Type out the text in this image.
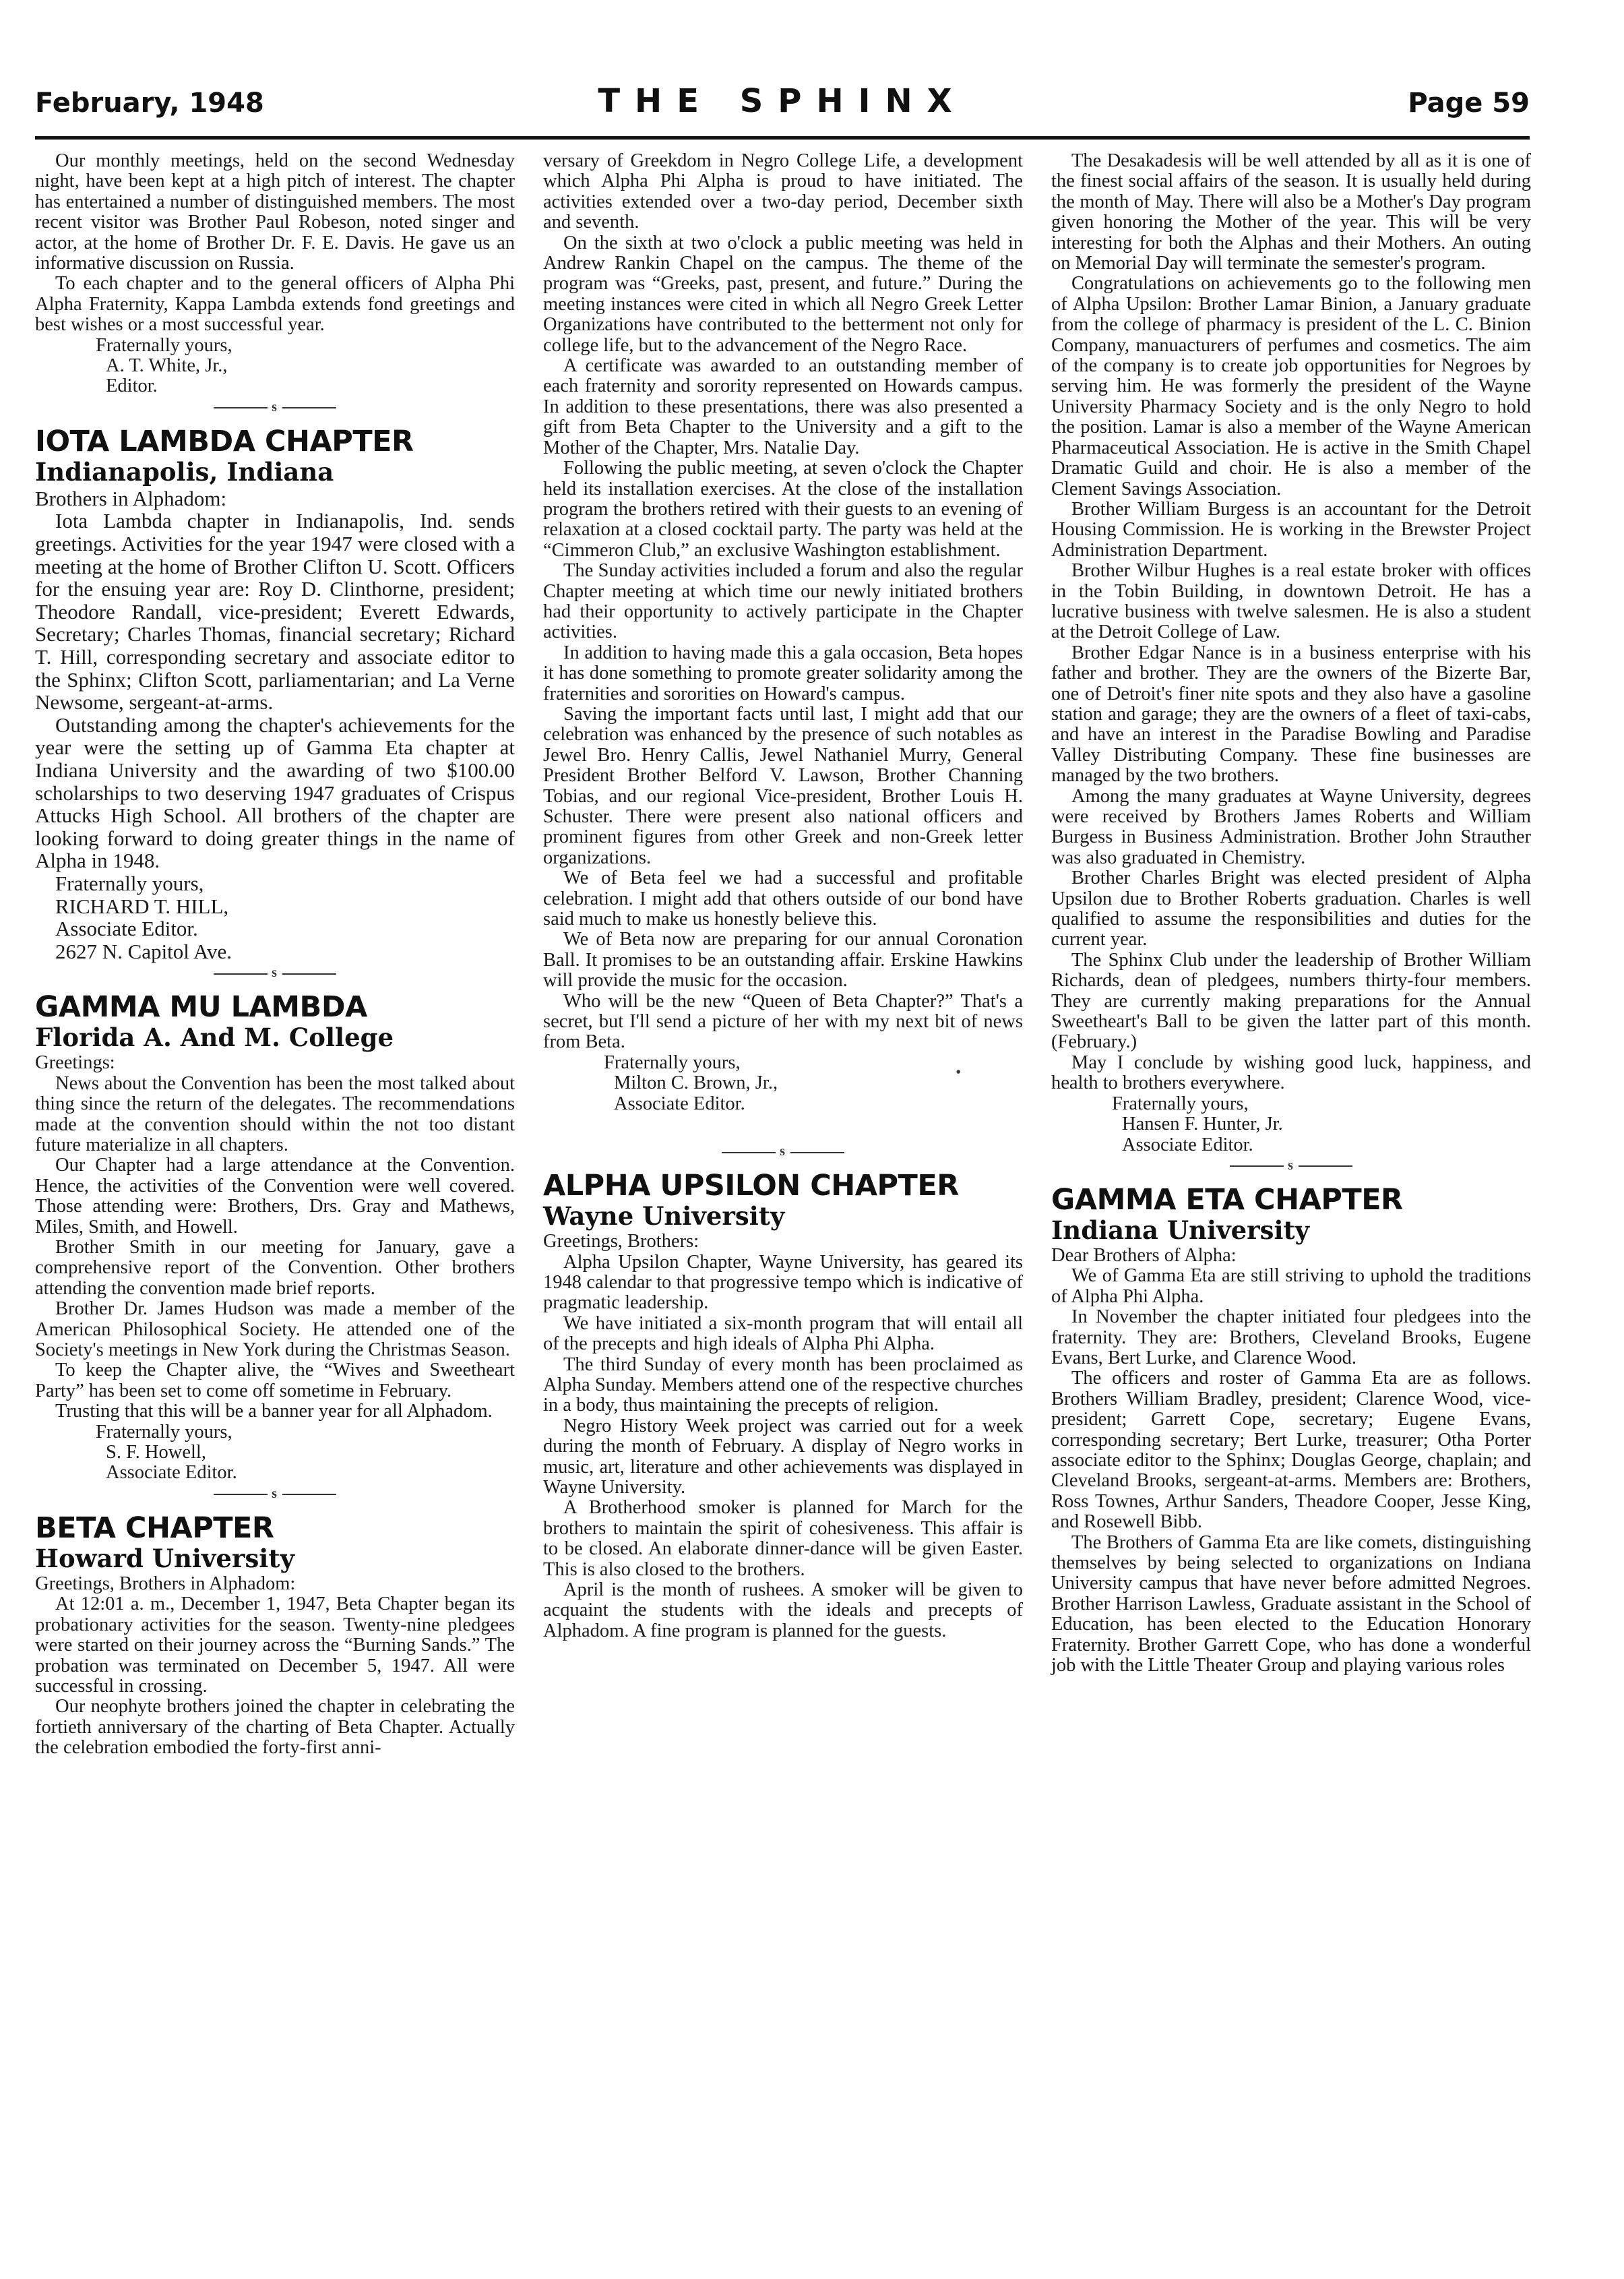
February, 1948	THE SPHINX	Page 59
•

Our monthly meetings, held on the second Wednesday night, have been kept at a high pitch of interest. The chapter has entertained a number of distinguished members. The most recent visitor was Brother Paul Robeson, noted singer and actor, at the home of Brother Dr. F. E. Davis. He gave us an informative discussion on Russia.

To each chapter and to the general officers of Alpha Phi Alpha Fraternity, Kappa Lambda extends fond greetings and best wishes or a most successful year.

Fraternally yours,
A. T. White, Jr.,
Editor.
s
IOTA LAMBDA CHAPTER
Indianapolis, Indiana

Brothers in Alphadom:

Iota Lambda chapter in Indianapolis, Ind. sends greetings. Activities for the year 1947 were closed with a meeting at the home of Brother Clifton U. Scott. Officers for the ensuing year are: Roy D. Clinthorne, president; Theodore Randall, vice-president; Everett Edwards, Secretary; Charles Thomas, financial secretary; Richard T. Hill, corresponding secretary and associate editor to the Sphinx; Clifton Scott, parliamentarian; and La Verne Newsome, sergeant-at-arms.

Outstanding among the chapter's achievements for the year were the setting up of Gamma Eta chapter at Indiana University and the awarding of two $100.00 scholarships to two deserving 1947 graduates of Crispus Attucks High School. All brothers of the chapter are looking forward to doing greater things in the name of Alpha in 1948.

Fraternally yours,

RICHARD T. HILL,

Associate Editor.

2627 N. Capitol Ave.

s
GAMMA MU LAMBDA
Florida A. And M. College

Greetings:

News about the Convention has been the most talked about thing since the return of the delegates. The recommendations made at the convention should within the not too distant future materialize in all chapters.

Our Chapter had a large attendance at the Convention. Hence, the activities of the Convention were well covered. Those attending were: Brothers, Drs. Gray and Mathews, Miles, Smith, and Howell.

Brother Smith in our meeting for January, gave a comprehensive report of the Convention. Other brothers attending the convention made brief reports.

Brother Dr. James Hudson was made a member of the American Philosophical Society. He attended one of the Society's meetings in New York during the Christmas Season.

To keep the Chapter alive, the “Wives and Sweetheart Party” has been set to come off sometime in February.

Trusting that this will be a banner year for all Alphadom.

Fraternally yours,
S. F. Howell,
Associate Editor.
s
BETA CHAPTER
Howard University

Greetings, Brothers in Alphadom:

At 12:01 a. m., December 1, 1947, Beta Chapter began its probationary activities for the season. Twenty-nine pledgees were started on their journey across the “Burning Sands.” The probation was terminated on December 5, 1947. All were successful in crossing.

Our neophyte brothers joined the chapter in celebrating the fortieth anniversary of the charting of Beta Chapter. Actually the celebration embodied the forty-first anni-

versary of Greekdom in Negro College Life, a development which Alpha Phi Alpha is proud to have initiated. The activities extended over a two-day period, December sixth and seventh.

On the sixth at two o'clock a public meeting was held in Andrew Rankin Chapel on the campus. The theme of the program was “Greeks, past, present, and future.” During the meeting instances were cited in which all Negro Greek Letter Organizations have contributed to the betterment not only for college life, but to the advancement of the Negro Race.

A certificate was awarded to an outstanding member of each fraternity and sorority represented on Howards campus. In addition to these presentations, there was also presented a gift from Beta Chapter to the University and a gift to the Mother of the Chapter, Mrs. Natalie Day.

Following the public meeting, at seven o'clock the Chapter held its installation exercises. At the close of the installation program the brothers retired with their guests to an evening of relaxation at a closed cocktail party. The party was held at the “Cimmeron Club,” an exclusive Washington establishment.

The Sunday activities included a forum and also the regular Chapter meeting at which time our newly initiated brothers had their opportunity to actively participate in the Chapter activities.

In addition to having made this a gala occasion, Beta hopes it has done something to promote greater solidarity among the fraternities and sororities on Howard's campus.

Saving the important facts until last, I might add that our celebration was enhanced by the presence of such notables as Jewel Bro. Henry Callis, Jewel Nathaniel Murry, General President Brother Belford V. Lawson, Brother Channing Tobias, and our regional Vice-president, Brother Louis H. Schuster. There were present also national officers and prominent figures from other Greek and non-Greek letter organizations.

We of Beta feel we had a successful and profitable celebration. I might add that others outside of our bond have said much to make us honestly believe this.

We of Beta now are preparing for our annual Coronation Ball. It promises to be an outstanding affair. Erskine Hawkins will provide the music for the occasion.

Who will be the new “Queen of Beta Chapter?” That's a secret, but I'll send a picture of her with my next bit of news from Beta.

Fraternally yours,
Milton C. Brown, Jr.,
Associate Editor.
s
ALPHA UPSILON CHAPTER
Wayne University

Greetings, Brothers:

Alpha Upsilon Chapter, Wayne University, has geared its 1948 calendar to that progressive tempo which is indicative of pragmatic leadership.

We have initiated a six-month program that will entail all of the precepts and high ideals of Alpha Phi Alpha.

The third Sunday of every month has been proclaimed as Alpha Sunday. Members attend one of the respective churches in a body, thus maintaining the precepts of religion.

Negro History Week project was carried out for a week during the month of February. A display of Negro works in music, art, literature and other achievements was displayed in Wayne University.

A Brotherhood smoker is planned for March for the brothers to maintain the spirit of cohesiveness. This affair is to be closed. An elaborate dinner-dance will be given Easter. This is also closed to the brothers.

April is the month of rushees. A smoker will be given to acquaint the students with the ideals and precepts of Alphadom. A fine program is planned for the guests.

The Desakadesis will be well attended by all as it is one of the finest social affairs of the season. It is usually held during the month of May. There will also be a Mother's Day program given honoring the Mother of the year. This will be very interesting for both the Alphas and their Mothers. An outing on Memorial Day will terminate the semester's program.

Congratulations on achievements go to the following men of Alpha Upsilon: Brother Lamar Binion, a January graduate from the college of pharmacy is president of the L. C. Binion Company, manuacturers of perfumes and cosmetics. The aim of the company is to create job opportunities for Negroes by serving him. He was formerly the president of the Wayne University Pharmacy Society and is the only Negro to hold the position. Lamar is also a member of the Wayne American Pharmaceutical Association. He is active in the Smith Chapel Dramatic Guild and choir. He is also a member of the Clement Savings Association.

Brother William Burgess is an accountant for the Detroit Housing Commission. He is working in the Brewster Project Administration Department.

Brother Wilbur Hughes is a real estate broker with offices in the Tobin Building, in downtown Detroit. He has a lucrative business with twelve salesmen. He is also a student at the Detroit College of Law.

Brother Edgar Nance is in a business enterprise with his father and brother. They are the owners of the Bizerte Bar, one of Detroit's finer nite spots and they also have a gasoline station and garage; they are the owners of a fleet of taxi-cabs, and have an interest in the Paradise Bowling and Paradise Valley Distributing Company. These fine businesses are managed by the two brothers.

Among the many graduates at Wayne University, degrees were received by Brothers James Roberts and William Burgess in Business Administration. Brother John Strauther was also graduated in Chemistry.

Brother Charles Bright was elected president of Alpha Upsilon due to Brother Roberts graduation. Charles is well qualified to assume the responsibilities and duties for the current year.

The Sphinx Club under the leadership of Brother William Richards, dean of pledgees, numbers thirty-four members. They are currently making preparations for the Annual Sweetheart's Ball to be given the latter part of this month. (February.)

May I conclude by wishing good luck, happiness, and health to brothers everywhere.

Fraternally yours,
Hansen F. Hunter, Jr.
Associate Editor.
s
GAMMA ETA CHAPTER
Indiana University

Dear Brothers of Alpha:

We of Gamma Eta are still striving to uphold the traditions of Alpha Phi Alpha.

In November the chapter initiated four pledgees into the fraternity. They are: Brothers, Cleveland Brooks, Eugene Evans, Bert Lurke, and Clarence Wood.

The officers and roster of Gamma Eta are as follows. Brothers William Bradley, president; Clarence Wood, vice-president; Garrett Cope, secretary; Eugene Evans, corresponding secretary; Bert Lurke, treasurer; Otha Porter associate editor to the Sphinx; Douglas George, chaplain; and Cleveland Brooks, sergeant-at-arms. Members are: Brothers, Ross Townes, Arthur Sanders, Theadore Cooper, Jesse King, and Rosewell Bibb.

The Brothers of Gamma Eta are like comets, distinguishing themselves by being selected to organizations on Indiana University campus that have never before admitted Negroes. Brother Harrison Lawless, Graduate assistant in the School of Education, has been elected to the Education Honorary Fraternity. Brother Garrett Cope, who has done a wonderful job with the Little Theater Group and playing various roles
